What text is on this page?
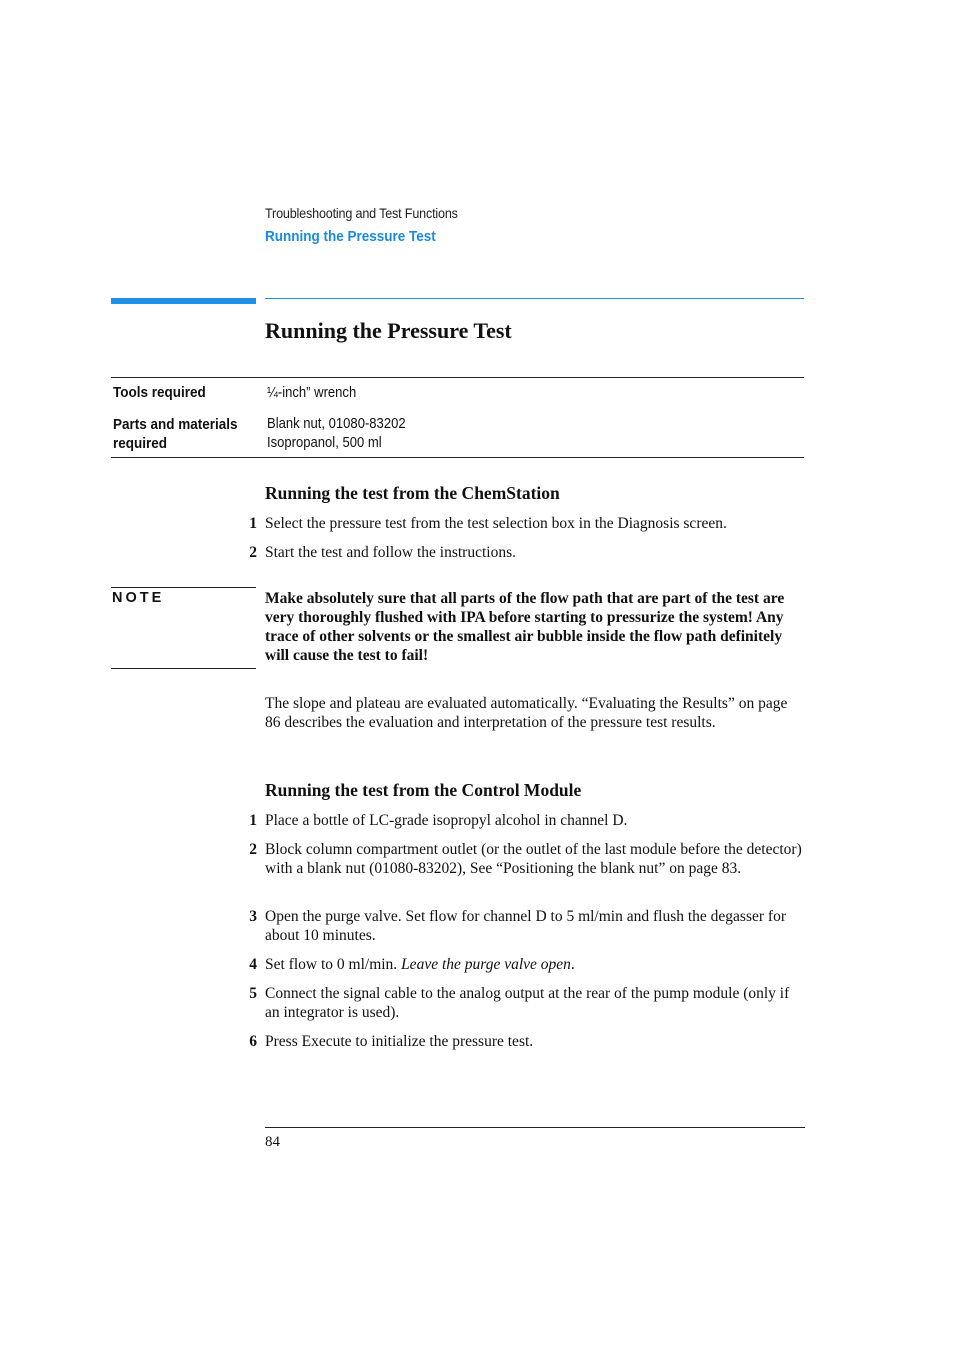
Troubleshooting and Test Functions
Running the Pressure Test
Running the Pressure Test
Tools required	¼-inch” wrench
Parts and materials
required
Blank nut, 01080-83202
Isopropanol, 500 ml
Running the test from the ChemStation
1 Select the pressure test from the test selection box in the Diagnosis screen.
2 Start the test and follow the instructions.
NOTE	Make absolutely sure that all parts of the flow path that are part of the test are very thoroughly flushed with IPA before starting to pressurize the system! Any trace of other solvents or the smallest air bubble inside the flow path definitely will cause the test to fail!
The slope and plateau are evaluated automatically. “Evaluating the Results” on page 86 describes the evaluation and interpretation of the pressure test results.
Running the test from the Control Module
1 Place a bottle of LC-grade isopropyl alcohol in channel D.
2 Block column compartment outlet (or the outlet of the last module before the detector) with a blank nut (01080-83202), See “Positioning the blank nut” on page 83.
3 Open the purge valve. Set flow for channel D to 5 ml/min and flush the degasser for about 10 minutes.
4 Set flow to 0 ml/min. Leave the purge valve open.
5 Connect the signal cable to the analog output at the rear of the pump module (only if an integrator is used).
6 Press Execute to initialize the pressure test.
84
